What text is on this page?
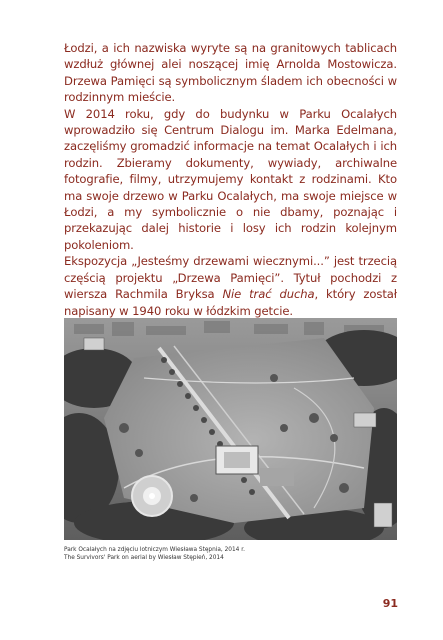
Łodzi, a ich nazwiska wyryte są na granitowych tablicach wzdłuż głównej alei noszącej imię Arnolda Mostowicza. Drzewa Pamięci są symbolicznym śladem ich obecności w rodzinnym mieście.

W 2014 roku, gdy do budynku w Parku Ocalałych wprowadziło się Centrum Dialogu im. Marka Edelmana, zaczęliśmy gromadzić informacje na temat Ocalałych i ich rodzin. Zbieramy dokumenty, wywiady, archiwalne fotografie, filmy, utrzymujemy kontakt z rodzinami. Kto ma swoje drzewo w Parku Ocalałych, ma swoje miejsce w Łodzi, a my symbolicznie o nie dbamy, poznając i przekazując dalej historie i losy ich rodzin kolejnym pokoleniom.

Ekspozycja „Jesteśmy drzewami wiecznymi...” jest trzecią częścią projektu „Drzewa Pamięci”. Tytuł pochodzi z wiersza Rachmila Bryksa Nie trać ducha, który został napisany w 1940 roku w łódzkim getcie.

Park Ocalałych na zdjęciu lotniczym Wiesława Stępnia, 2014 r.
The Survivors' Park on aerial by Wiesław Stępień, 2014
91
